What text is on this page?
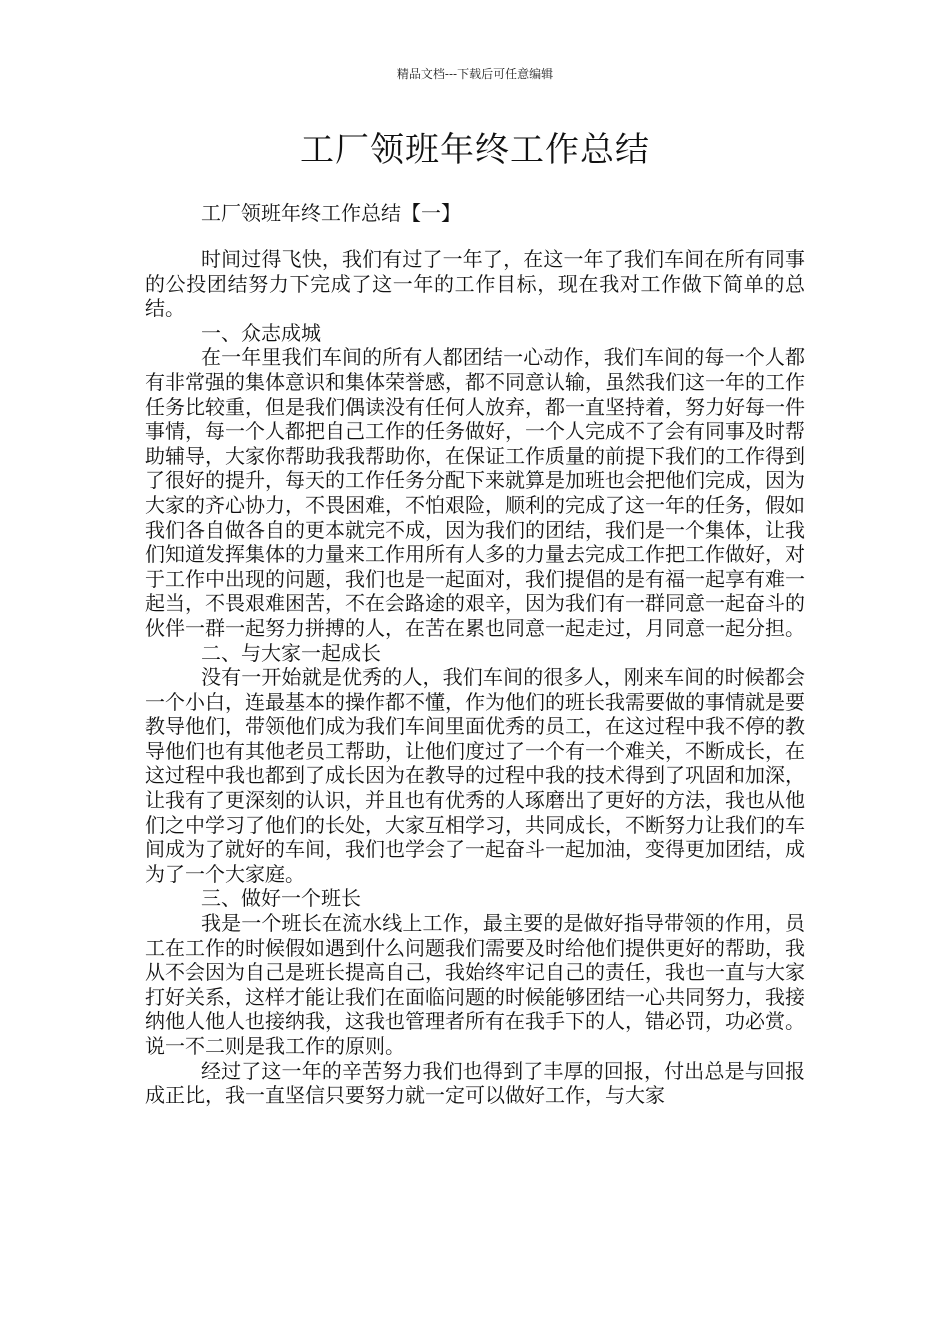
精品文档---下载后可任意编辑
工厂领班年终工作总结
工厂领班年终工作总结【一】

时间过得飞快，我们有过了一年了，在这一年了我们车间在所有同事的公投团结努力下完成了这一年的工作目标，现在我对工作做下简单的总结。

一、众志成城

在一年里我们车间的所有人都团结一心动作，我们车间的每一个人都有非常强的集体意识和集体荣誉感，都不同意认输，虽然我们这一年的工作任务比较重，但是我们偶读没有任何人放弃，都一直坚持着，努力好每一件事情，每一个人都把自己工作的任务做好，一个人完成不了会有同事及时帮助辅导，大家你帮助我我帮助你，在保证工作质量的前提下我们的工作得到了很好的提升，每天的工作任务分配下来就算是加班也会把他们完成，因为大家的齐心协力，不畏困难，不怕艰险，顺利的完成了这一年的任务，假如我们各自做各自的更本就完不成，因为我们的团结，我们是一个集体，让我们知道发挥集体的力量来工作用所有人多的力量去完成工作把工作做好，对于工作中出现的问题，我们也是一起面对，我们提倡的是有福一起享有难一起当，不畏艰难困苦，不在会路途的艰辛，因为我们有一群同意一起奋斗的伙伴一群一起努力拼搏的人，在苦在累也同意一起走过，月同意一起分担。

二、与大家一起成长

没有一开始就是优秀的人，我们车间的很多人，刚来车间的时候都会一个小白，连最基本的操作都不懂，作为他们的班长我需要做的事情就是要教导他们，带领他们成为我们车间里面优秀的员工，在这过程中我不停的教导他们也有其他老员工帮助，让他们度过了一个有一个难关，不断成长，在这过程中我也都到了成长因为在教导的过程中我的技术得到了巩固和加深，让我有了更深刻的认识，并且也有优秀的人琢磨出了更好的方法，我也从他们之中学习了他们的长处，大家互相学习，共同成长，不断努力让我们的车间成为了就好的车间，我们也学会了一起奋斗一起加油，变得更加团结，成为了一个大家庭。

三、做好一个班长

我是一个班长在流水线上工作，最主要的是做好指导带领的作用，员工在工作的时候假如遇到什么问题我们需要及时给他们提供更好的帮助，我从不会因为自己是班长提高自己，我始终牢记自己的责任，我也一直与大家打好关系，这样才能让我们在面临问题的时候能够团结一心共同努力，我接纳他人他人也接纳我，这我也管理者所有在我手下的人，错必罚，功必赏。说一不二则是我工作的原则。

经过了这一年的辛苦努力我们也得到了丰厚的回报，付出总是与回报成正比，我一直坚信只要努力就一定可以做好工作，与大家
